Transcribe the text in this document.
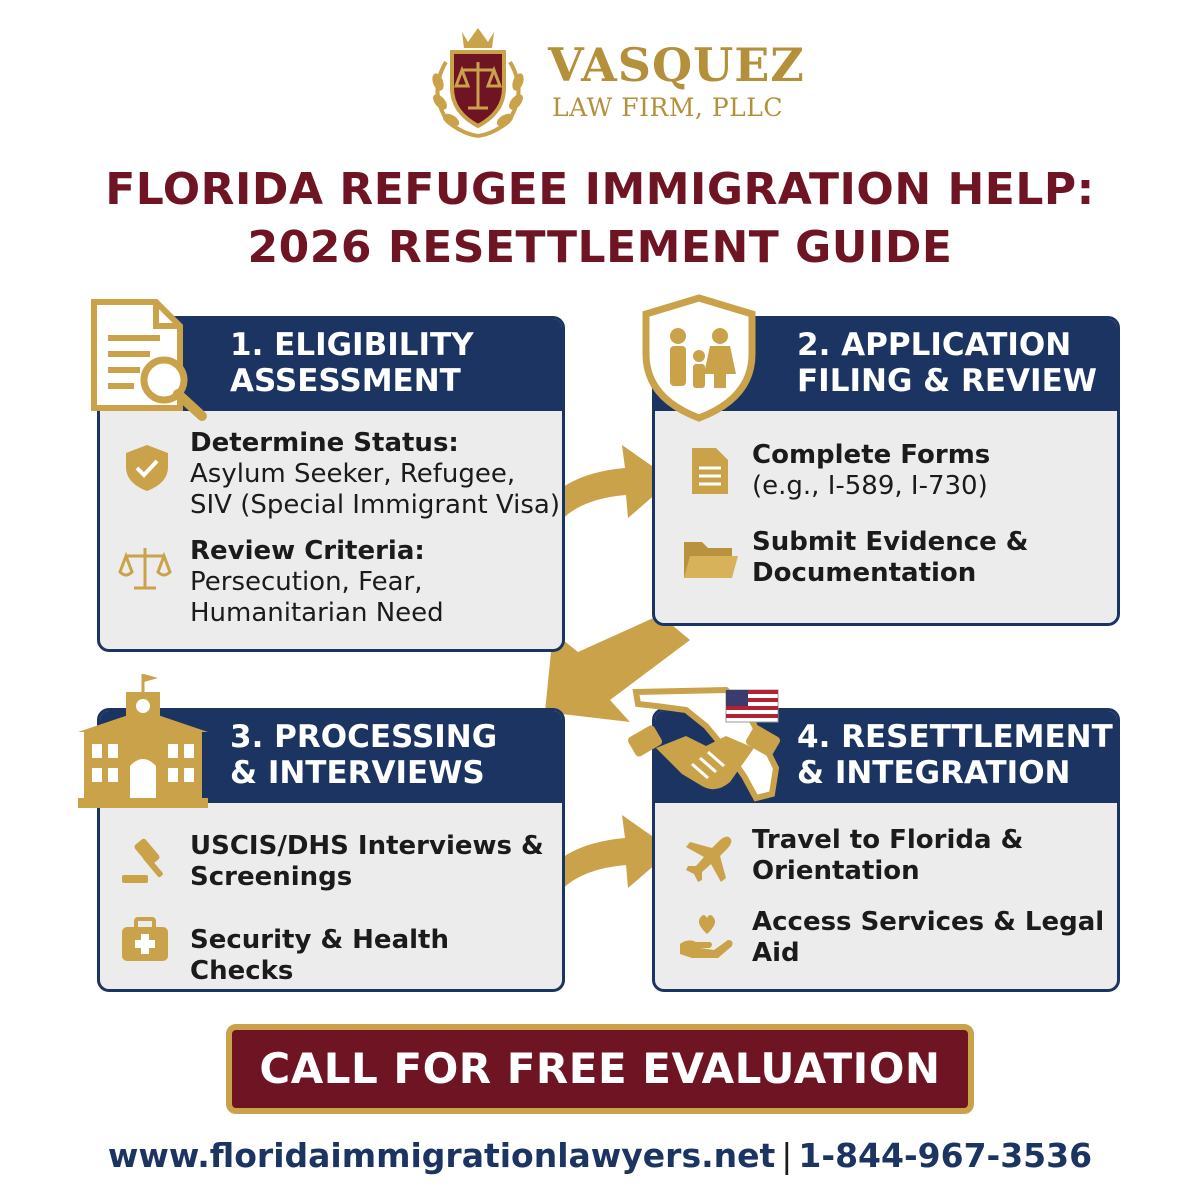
VASQUEZ
LAW FIRM, PLLC
FLORIDA REFUGEE IMMIGRATION HELP:
2026 RESETTLEMENT GUIDE
1. ELIGIBILITY
ASSESSMENT
Determine Status: Asylum Seeker, Refugee, SIV (Special Immigrant Visa)
Review Criteria: Persecution, Fear, Humanitarian Need
2. APPLICATION
FILING & REVIEW
Complete Forms
(e.g., I-589, I-730)
Submit Evidence & Documentation
3. PROCESSING
& INTERVIEWS
USCIS/DHS Interviews & Screenings
Security & Health Checks
4. RESETTLEMENT
& INTEGRATION
Travel to Florida & Orientation
Access Services & Legal Aid
CALL FOR FREE EVALUATION
www.floridaimmigrationlawyers.net | 1-844-967-3536
